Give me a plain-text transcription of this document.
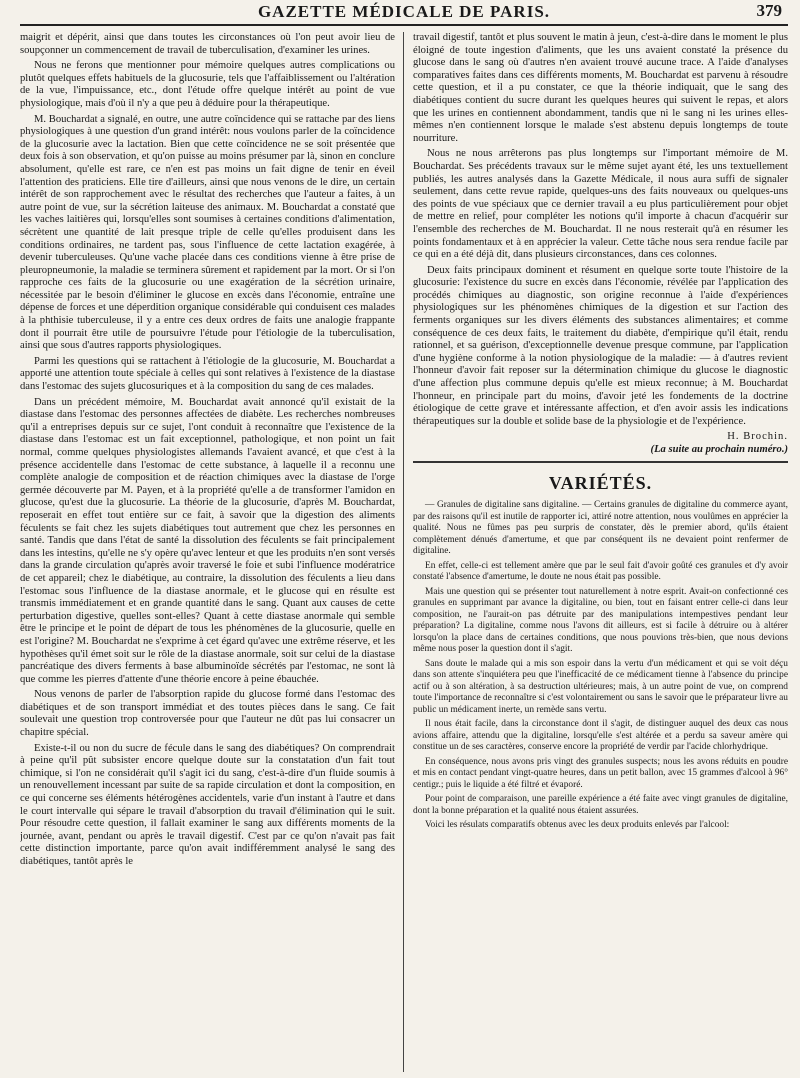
GAZETTE MÉDICALE DE PARIS.	379

maigrit et dépérit, ainsi que dans toutes les circonstances où l'on peut avoir lieu de soupçonner un commencement de travail de tuberculisation, d'examiner les urines.

Nous ne ferons que mentionner pour mémoire quelques autres complications ou plutôt quelques effets habituels de la glucosurie, tels que l'affaiblissement ou l'altération de la vue, l'impuissance, etc., dont l'étude offre quelque intérêt au point de vue physiologique, mais d'où il n'y a que peu à déduire pour la thérapeutique.

M. Bouchardat a signalé, en outre, une autre coïncidence qui se rattache par des liens physiologiques à une question d'un grand intérêt: nous voulons parler de la coïncidence de la glucosurie avec la lactation. Bien que cette coïncidence ne se soit présentée que deux fois à son observation, et qu'on puisse au moins présumer par là, sinon en conclure absolument, qu'elle est rare, ce n'en est pas moins un fait digne de tenir en éveil l'attention des praticiens. Elle tire d'ailleurs, ainsi que nous venons de le dire, un certain intérêt de son rapprochement avec le résultat des recherches que l'auteur a faites, à un autre point de vue, sur la sécrétion laiteuse des animaux. M. Bouchardat a constaté que les vaches laitières qui, lorsqu'elles sont soumises à certaines conditions d'alimentation, sécrètent une quantité de lait presque triple de celle qu'elles produisent dans les conditions ordinaires, ne tardent pas, sous l'influence de cette lactation exagérée, à devenir tuberculeuses. Qu'une vache placée dans ces conditions vienne à être prise de pleuropneumonie, la maladie se terminera sûrement et rapidement par la mort. Or si l'on rapproche ces faits de la glucosurie ou une exagération de la sécrétion urinaire, nécessitée par le besoin d'éliminer le glucose en excès dans l'économie, entraîne une dépense de forces et une déperdition organique considérable qui conduisent ces malades à la phthisie tuberculeuse, il y a entre ces deux ordres de faits une analogie frappante dont il pourrait être utile de poursuivre l'étude pour l'étiologie de la tuberculisation, ainsi que sous d'autres rapports physiologiques.

Parmi les questions qui se rattachent à l'étiologie de la glucosurie, M. Bouchardat a apporté une attention toute spéciale à celles qui sont relatives à l'existence de la diastase dans l'estomac des sujets glucosuriques et à la composition du sang de ces malades.

Dans un précédent mémoire, M. Bouchardat avait annoncé qu'il existait de la diastase dans l'estomac des personnes affectées de diabète. Les recherches nombreuses qu'il a entreprises depuis sur ce sujet, l'ont conduit à reconnaître que l'existence de la diastase dans l'estomac est un fait exceptionnel, pathologique, et non point un fait normal, comme quelques physiologistes allemands l'avaient avancé, et que c'est à la présence accidentelle dans l'estomac de cette substance, à laquelle il a reconnu une complète analogie de composition et de réaction chimiques avec la diastase de l'orge germée découverte par M. Payen, et à la propriété qu'elle a de transformer l'amidon en glucose, qu'est due la glucosurie. La théorie de la glucosurie, d'après M. Bouchardat, reposerait en effet tout entière sur ce fait, à savoir que la digestion des aliments féculents se fait chez les sujets diabétiques tout autrement que chez les personnes en santé. Tandis que dans l'état de santé la dissolution des féculents se fait principalement dans les intestins, qu'elle ne s'y opère qu'avec lenteur et que les produits n'en sont versés dans la grande circulation qu'après avoir traversé le foie et subi l'influence modératrice de cet appareil; chez le diabétique, au contraire, la dissolution des féculents a lieu dans l'estomac sous l'influence de la diastase anormale, et le glucose qui en résulte est transmis immédiatement et en grande quantité dans le sang. Quant aux causes de cette perturbation digestive, quelles sont-elles? Quant à cette diastase anormale qui semble être le principe et le point de départ de tous les phénomènes de la glucosurie, quelle en est l'origine? M. Bouchardat ne s'exprime à cet égard qu'avec une extrême réserve, et les hypothèses qu'il émet soit sur le rôle de la diastase anormale, soit sur celui de la diastase pancréatique des divers ferments à base albuminoïde sécrétés par l'estomac, ne sont là que comme les pierres d'attente d'une théorie encore à peine ébauchée.

Nous venons de parler de l'absorption rapide du glucose formé dans l'estomac des diabétiques et de son transport immédiat et des toutes pièces dans le sang. Ce fait soulevait une question trop controversée pour que l'auteur ne dût pas lui consacrer un chapitre spécial.

Existe-t-il ou non du sucre de fécule dans le sang des diabétiques? On comprendrait à peine qu'il pût subsister encore quelque doute sur la constatation d'un fait tout chimique, si l'on ne considérait qu'il s'agit ici du sang, c'est-à-dire d'un fluide soumis à un renouvellement incessant par suite de sa rapide circulation et dont la composition, en ce qui concerne ses éléments hétérogènes accidentels, varie d'un instant à l'autre et dans le court intervalle qui sépare le travail d'absorption du travail d'élimination qui le suit. Pour résoudre cette question, il fallait examiner le sang aux différents moments de la journée, avant, pendant ou après le travail digestif. C'est par ce qu'on n'avait pas fait cette distinction importante, parce qu'on avait indifféremment analysé le sang des diabétiques, tantôt après le

travail digestif, tantôt et plus souvent le matin à jeun, c'est-à-dire dans le moment le plus éloigné de toute ingestion d'aliments, que les uns avaient constaté la présence du glucose dans le sang où d'autres n'en avaient trouvé aucune trace. A l'aide d'analyses comparatives faites dans ces différents moments, M. Bouchardat est parvenu à résoudre cette question, et il a pu constater, ce que la théorie indiquait, que le sang des diabétiques contient du sucre durant les quelques heures qui suivent le repas, et alors que les urines en contiennent abondamment, tandis que ni le sang ni les urines elles-mêmes n'en contiennent lorsque le malade s'est abstenu depuis longtemps de toute nourriture.

Nous ne nous arrêterons pas plus longtemps sur l'important mémoire de M. Bouchardat. Ses précédents travaux sur le même sujet ayant été, les uns textuellement publiés, les autres analysés dans la Gazette Médicale, il nous aura suffi de signaler seulement, dans cette revue rapide, quelques-uns des faits nouveaux ou quelques-uns des points de vue spéciaux que ce dernier travail a eu plus particulièrement pour objet de mettre en relief, pour compléter les notions qu'il importe à chacun d'acquérir sur l'ensemble des recherches de M. Bouchardat. Il ne nous resterait qu'à en résumer les points fondamentaux et à en apprécier la valeur. Cette tâche nous sera rendue facile par ce qui en a été déjà dit, dans plusieurs circonstances, dans ces colonnes.

Deux faits principaux dominent et résument en quelque sorte toute l'histoire de la glucosurie: l'existence du sucre en excès dans l'économie, révélée par l'application des procédés chimiques au diagnostic, son origine reconnue à l'aide d'expériences physiologiques sur les phénomènes chimiques de la digestion et sur l'action des ferments organiques sur les divers éléments des substances alimentaires; et comme conséquence de ces deux faits, le traitement du diabète, d'empirique qu'il était, rendu rationnel, et sa guérison, d'exceptionnelle devenue presque commune, par l'application d'une hygiène conforme à la notion physiologique de la maladie: — à d'autres revient l'honneur d'avoir fait reposer sur la détermination chimique du glucose le diagnostic d'une affection plus commune depuis qu'elle est mieux reconnue; à M. Bouchardat l'honneur, en principale part du moins, d'avoir jeté les fondements de la doctrine étiologique de cette grave et intéressante affection, et d'en avoir assis les indications thérapeutiques sur la double et solide base de la physiologie et de l'expérience.

H. Brochin.
(La suite au prochain numéro.)
VARIÉTÉS.

— Granules de digitaline sans digitaline. — Certains granules de digitaline du commerce ayant, par des raisons qu'il est inutile de rapporter ici, attiré notre attention, nous voulûmes en apprécier la qualité. Nous ne fûmes pas peu surpris de constater, dès le premier abord, qu'ils étaient complètement dénués d'amertume, et que par conséquent ils ne devaient point renfermer de digitaline.

En effet, celle-ci est tellement amère que par le seul fait d'avoir goûté ces granules et d'y avoir constaté l'absence d'amertume, le doute ne nous était pas possible.

Mais une question qui se présenter tout naturellement à notre esprit. Avait-on confectionné ces granules en supprimant par avance la digitaline, ou bien, tout en faisant entrer celle-ci dans leur composition, ne l'aurait-on pas détruite par des manipulations intempestives pendant leur préparation? La digitaline, comme nous l'avons dit ailleurs, est si facile à détruire ou à altérer lorsqu'on la place dans de certaines conditions, que nous pouvions très-bien, que nous devions même nous poser la question dont il s'agit.

Sans doute le malade qui a mis son espoir dans la vertu d'un médicament et qui se voit déçu dans son attente s'inquiétera peu que l'inefficacité de ce médicament tienne à l'absence du principe actif ou à son altération, à sa destruction ultérieures; mais, à un autre point de vue, on comprend toute l'importance de reconnaître si c'est volontairement ou sans le savoir que le préparateur livre au public un médicament inerte, un remède sans vertu.

Il nous était facile, dans la circonstance dont il s'agit, de distinguer auquel des deux cas nous avions affaire, attendu que la digitaline, lorsqu'elle s'est altérée et a perdu sa saveur amère qui constitue un de ses caractères, conserve encore la propriété de verdir par l'acide chlorhydrique.

En conséquence, nous avons pris vingt des granules suspects; nous les avons réduits en poudre et mis en contact pendant vingt-quatre heures, dans un petit ballon, avec 15 grammes d'alcool à 96° centigr.; puis le liquide a été filtré et évaporé.

Pour point de comparaison, une pareille expérience a été faite avec vingt granules de digitaline, dont la bonne préparation et la qualité nous étaient assurées.

Voici les résulats comparatifs obtenus avec les deux produits enlevés par l'alcool:
